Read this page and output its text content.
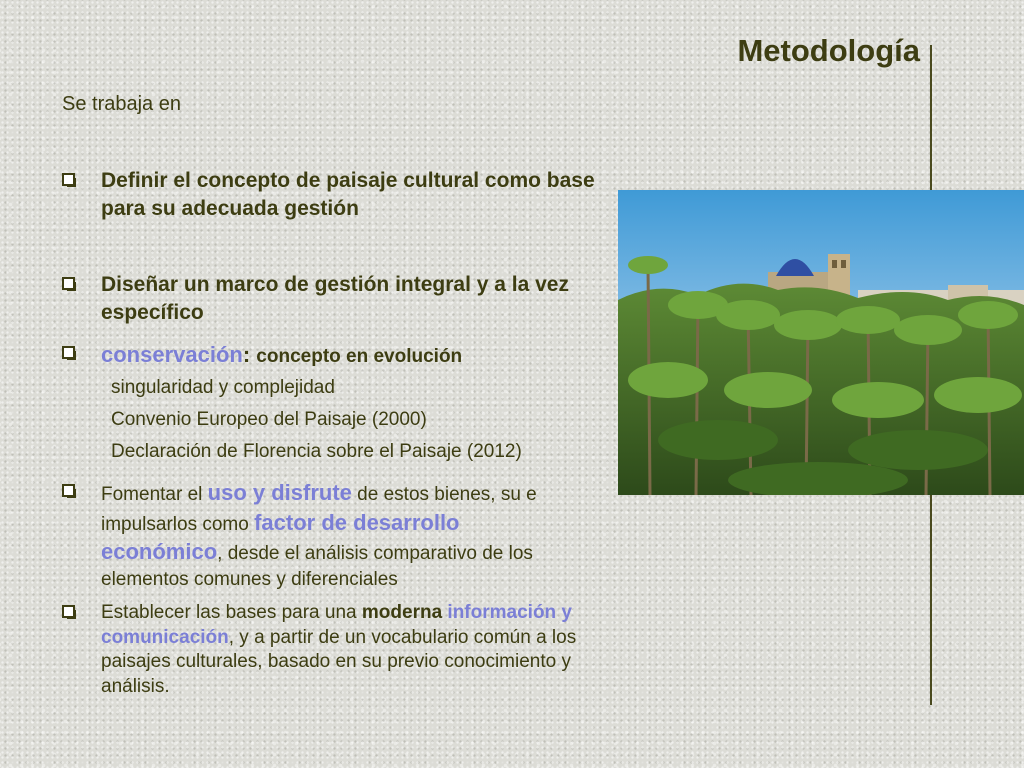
Metodología
Se trabaja en
Definir el concepto de paisaje cultural como base para su adecuada gestión
Diseñar un marco de gestión integral y a la vez específico
conservación: concepto en evolución
singularidad y complejidad
Convenio Europeo del Paisaje (2000)
Declaración de Florencia sobre el Paisaje (2012)
Fomentar el uso y disfrute de estos bienes, su e impulsarlos como factor de desarrollo económico, desde el análisis comparativo de los elementos comunes y diferenciales
Establecer las bases para una moderna información y comunicación, y a partir de un vocabulario común a los paisajes culturales, basado en su previo conocimiento y análisis.
